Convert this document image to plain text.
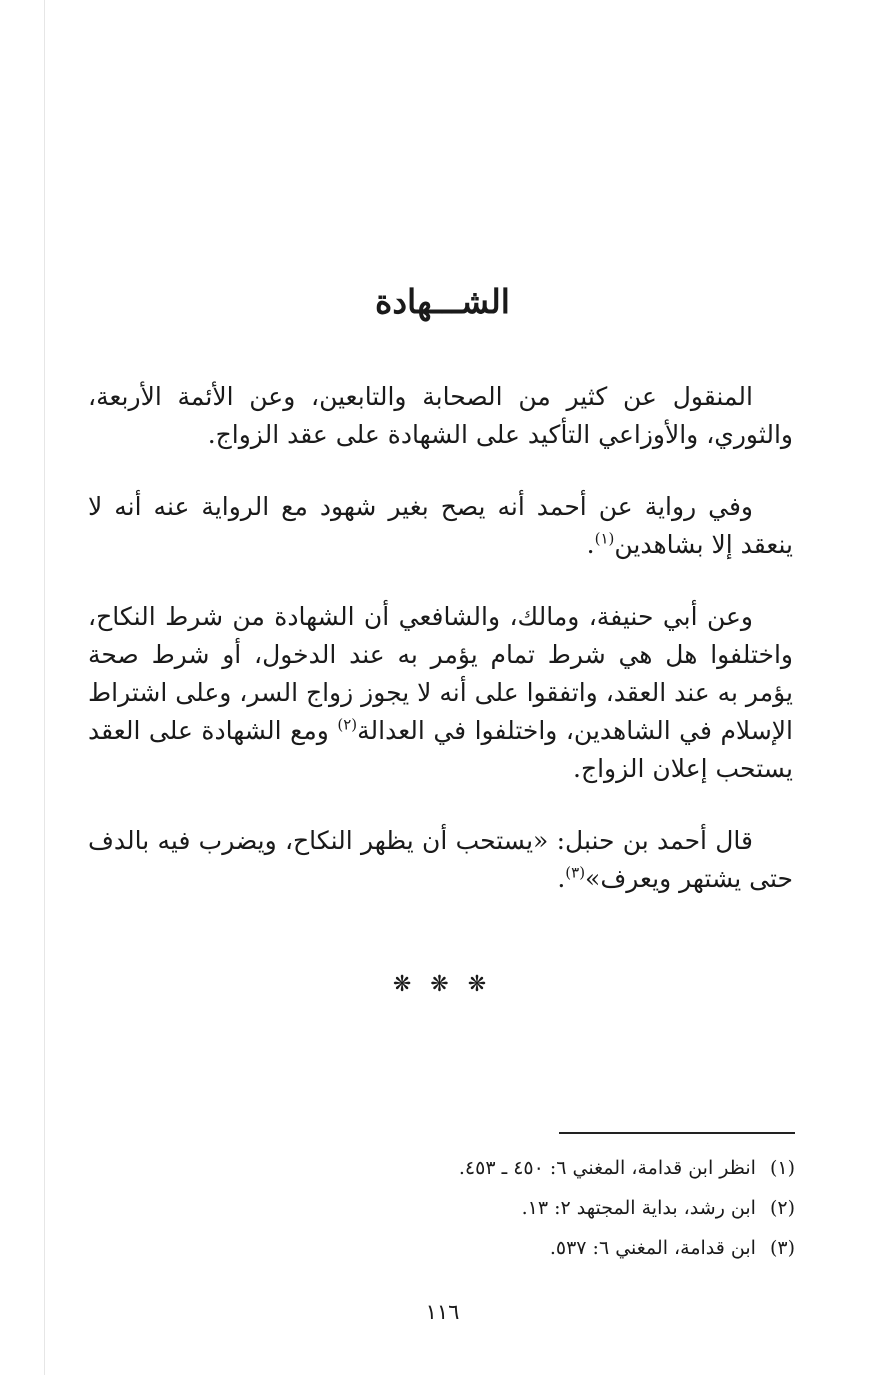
الشـــهادة

المنقول عن كثير من الصحابة والتابعين، وعن الأئمة الأربعة، والثوري، والأوزاعي التأكيد على الشهادة على عقد الزواج.

وفي رواية عن أحمد أنه يصح بغير شهود مع الرواية عنه أنه لا ينعقد إلا بشاهدين$^{(١)}$.

وعن أبي حنيفة، ومالك، والشافعي أن الشهادة من شرط النكاح، واختلفوا هل هي شرط تمام يؤمر به عند الدخول، أو شرط صحة يؤمر به عند العقد، واتفقوا على أنه لا يجوز زواج السر، وعلى اشتراط الإسلام في الشاهدين، واختلفوا في العدالة$^{(٢)}$ ومع الشهادة على العقد يستحب إعلان الزواج.

قال أحمد بن حنبل: «يستحب أن يظهر النكاح، ويضرب فيه بالدف حتى يشتهر ويعرف»$^{(٣)}$.

❋ ❋ ❋

(١)انظر ابن قدامة، المغني ٦: ٤٥٠ ـ ٤٥٣.

(٢)ابن رشد، بداية المجتهد ٢: ١٣.

(٣)ابن قدامة، المغني ٦: ٥٣٧.

١١٦
